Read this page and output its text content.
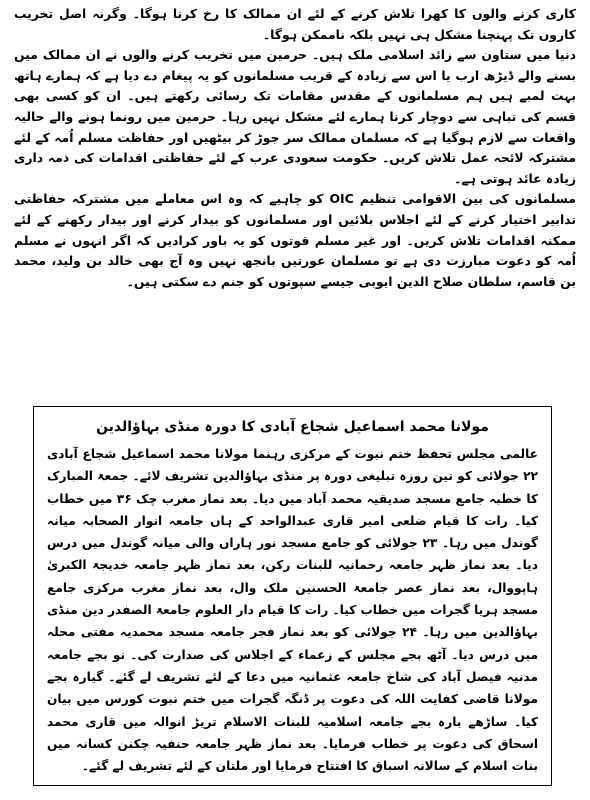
کاری کرنے والوں کا کھرا تلاش کرنے کے لئے ان ممالک کا رخ کرنا ہوگا۔ وگرنہ اصل تخریب کاروں تک پہنچنا مشکل ہی نہیں بلکہ ناممکن ہوگا۔

دنیا میں ستاون سے زائد اسلامی ملک ہیں۔ حرمین میں تخریب کرنے والوں نے ان ممالک میں بسنے والے ڈیڑھ ارب یا اس سے زیادہ کے قریب مسلمانوں کو یہ پیغام دے دیا ہے کہ ہمارے ہاتھ بہت لمبے ہیں ہم مسلمانوں کے مقدس مقامات تک رسائی رکھتے ہیں۔ ان کو کسی بھی قسم کی تباہی سے دوچار کرنا ہمارے لئے مشکل نہیں رہا۔ حرمین میں رونما ہونے والے حالیہ واقعات سے لازم ہوگیا ہے کہ مسلمان ممالک سر جوڑ کر بیٹھیں اور حفاظت مسلم اُمہ کے لئے مشترکہ لائحہ عمل تلاش کریں۔ حکومت سعودی عرب کے لئے حفاظتی اقدامات کی ذمہ داری زیادہ عائد ہوتی ہے۔

مسلمانوں کی بین الاقوامی تنظیم OIC کو چاہیے کہ وہ اس معاملے میں مشترکہ حفاظتی تدابیر اختیار کرنے کے لئے اجلاس بلائیں اور مسلمانوں کو بیدار کرنے اور بیدار رکھنے کے لئے ممکنہ اقدامات تلاش کریں۔ اور غیر مسلم قوتوں کو یہ باور کرادیں کہ اگر انہوں نے مسلم اُمہ کو دعوت مبارزت دی ہے تو مسلمان عورتیں بانجھ نہیں وہ آج بھی خالد بن ولید، محمد بن قاسم، سلطان صلاح الدین ایوبی جیسے سپوتوں کو جنم دے سکتی ہیں۔

مولانا محمد اسماعیل شجاع آبادی کا دورہ منڈی بہاؤالدین

عالمی مجلس تحفظ ختم نبوت کے مرکزی رہنما مولانا محمد اسماعیل شجاع آبادی ۲۲ جولائی کو تین روزہ تبلیغی دورہ پر منڈی بہاؤالدین تشریف لائے۔ جمعۃ المبارک کا خطبہ جامع مسجد صدیقیہ محمد آباد میں دیا۔ بعد نماز مغرب چک ۳۶ میں خطاب کیا۔ رات کا قیام ضلعی امیر قاری عبدالواحد کے ہاں جامعہ انوار الصحابہ میانہ گوندل میں رہا۔ ۲۳ جولائی کو جامع مسجد نور ہاراں والی میانہ گوندل میں درس دیا۔ بعد نماز ظہر جامعہ رحمانیہ للبنات رکن، بعد نماز ظہر جامعہ خدیجۃ الکبریٰ ہاپووال، بعد نماز عصر جامعۃ الحسنین ملک وال، بعد نماز مغرب مرکزی جامع مسجد ہریا گجرات میں خطاب کیا۔ رات کا قیام دار العلوم جامعۃ الصفدر دین منڈی بہاؤالدین میں رہا۔ ۲۴ جولائی کو بعد نماز فجر جامعہ مسجد محمدیہ مفتی محلہ میں درس دیا۔ آٹھ بجے مجلس کے زعماء کے اجلاس کی صدارت کی۔ نو بجے جامعہ مدنیہ فیصل آباد کی شاخ جامعہ عثمانیہ میں دعا کے لئے تشریف لے گئے۔ گیارہ بجے مولانا قاضی کفایت اللہ کی دعوت پر ڈنگہ گجرات میں ختم نبوت کورس میں بیان کیا۔ ساڑھے بارہ بجے جامعہ اسلامیہ للبنات الاسلام تریڑ انوالہ میں قاری محمد اسحاق کی دعوت پر خطاب فرمایا۔ بعد نماز ظہر جامعہ حنفیہ چکنن کسانہ میں بنات اسلام کے سالانہ اسباق کا افتتاح فرمایا اور ملتان کے لئے تشریف لے گئے۔
